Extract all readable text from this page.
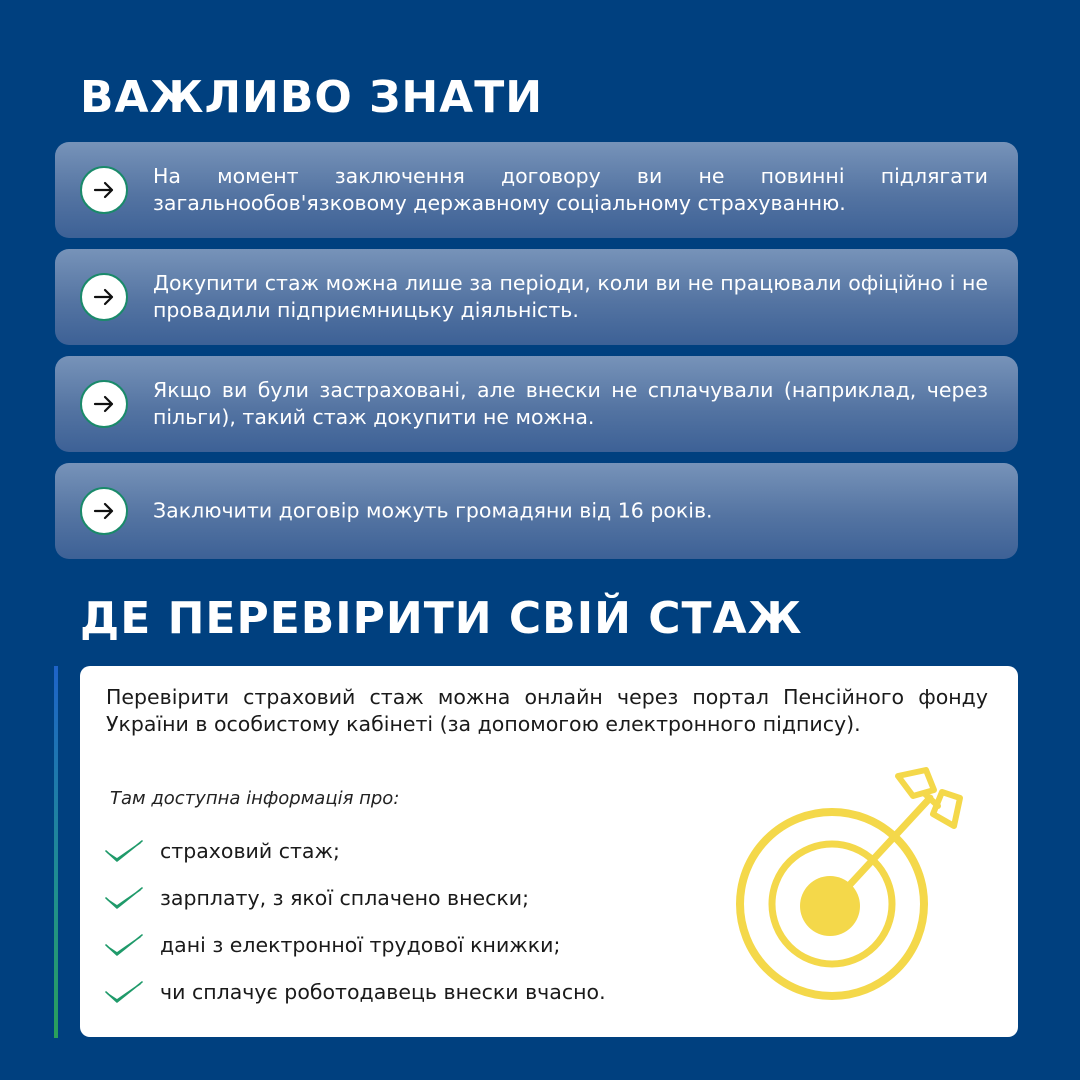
ВАЖЛИВО ЗНАТИ
На момент заключення договору ви не повинні підлягати загальнообов'язковому державному соціальному страхуванню.
Докупити стаж можна лише за періоди, коли ви не працювали офіційно і не провадили підприємницьку діяльність.
Якщо ви були застраховані, але внески не сплачували (наприклад, через пільги), такий стаж докупити не можна.
Заключити договір можуть громадяни від 16 років.
ДЕ ПЕРЕВІРИТИ СВІЙ СТАЖ

Перевірити страховий стаж можна онлайн через портал Пенсійного фонду України в особистому кабінеті (за допомогою електронного підпису).

Там доступна інформація про:

страховий стаж;
зарплату, з якої сплачено внески;
дані з електронної трудової книжки;
чи сплачує роботодавець внески вчасно.
